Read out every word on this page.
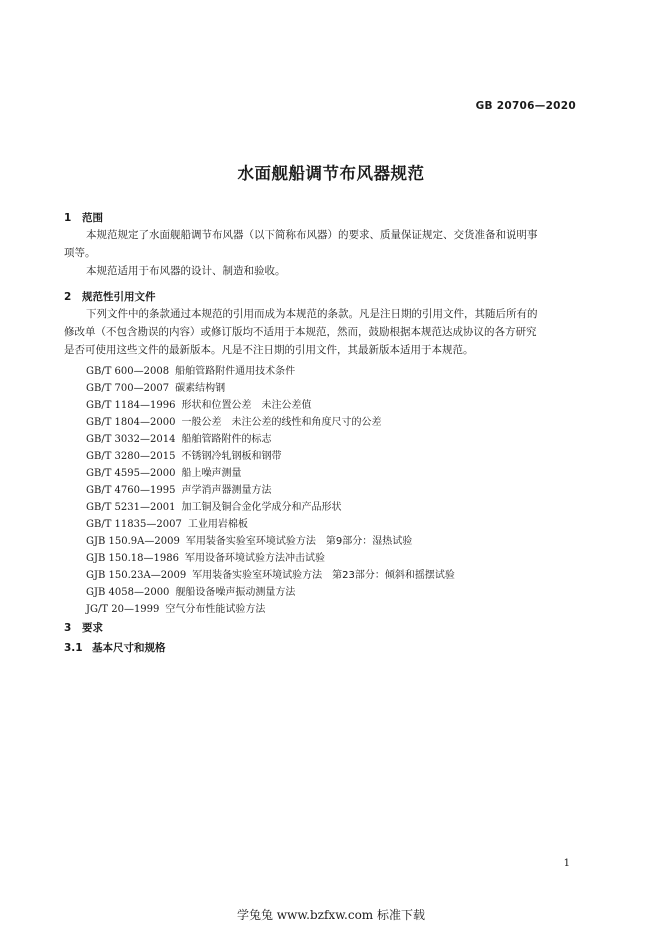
GB 20706—2020
水面舰船调节布风器规范
1 范围
本规范规定了水面舰船调节布风器（以下简称布风器）的要求、质量保证规定、交货准备和说明事
项等。
本规范适用于布风器的设计、制造和验收。
2 规范性引用文件
下列文件中的条款通过本规范的引用而成为本规范的条款。凡是注日期的引用文件，其随后所有的
修改单（不包含勘误的内容）或修订版均不适用于本规范，然而，鼓励根据本规范达成协议的各方研究
是否可使用这些文件的最新版本。凡是不注日期的引用文件，其最新版本适用于本规范。
GB/T 600—2008 船舶管路附件通用技术条件
GB/T 700—2007 碳素结构钢
GB/T 1184—1996 形状和位置公差　未注公差值
GB/T 1804—2000 一般公差　未注公差的线性和角度尺寸的公差
GB/T 3032—2014 船舶管路附件的标志
GB/T 3280—2015 不锈钢冷轧钢板和钢带
GB/T 4595—2000 船上噪声测量
GB/T 4760—1995 声学消声器测量方法
GB/T 5231—2001 加工铜及铜合金化学成分和产品形状
GB/T 11835—2007 工业用岩棉板
GJB 150.9A—2009 军用装备实验室环境试验方法　第9部分：湿热试验
GJB 150.18—1986 军用设备环境试验方法冲击试验
GJB 150.23A—2009 军用装备实验室环境试验方法　第23部分：倾斜和摇摆试验
GJB 4058—2000 舰船设备噪声振动测量方法
JG/T 20—1999 空气分布性能试验方法
3 要求
3.1 基本尺寸和规格
1
学兔兔 www.bzfxw.com 标准下载
